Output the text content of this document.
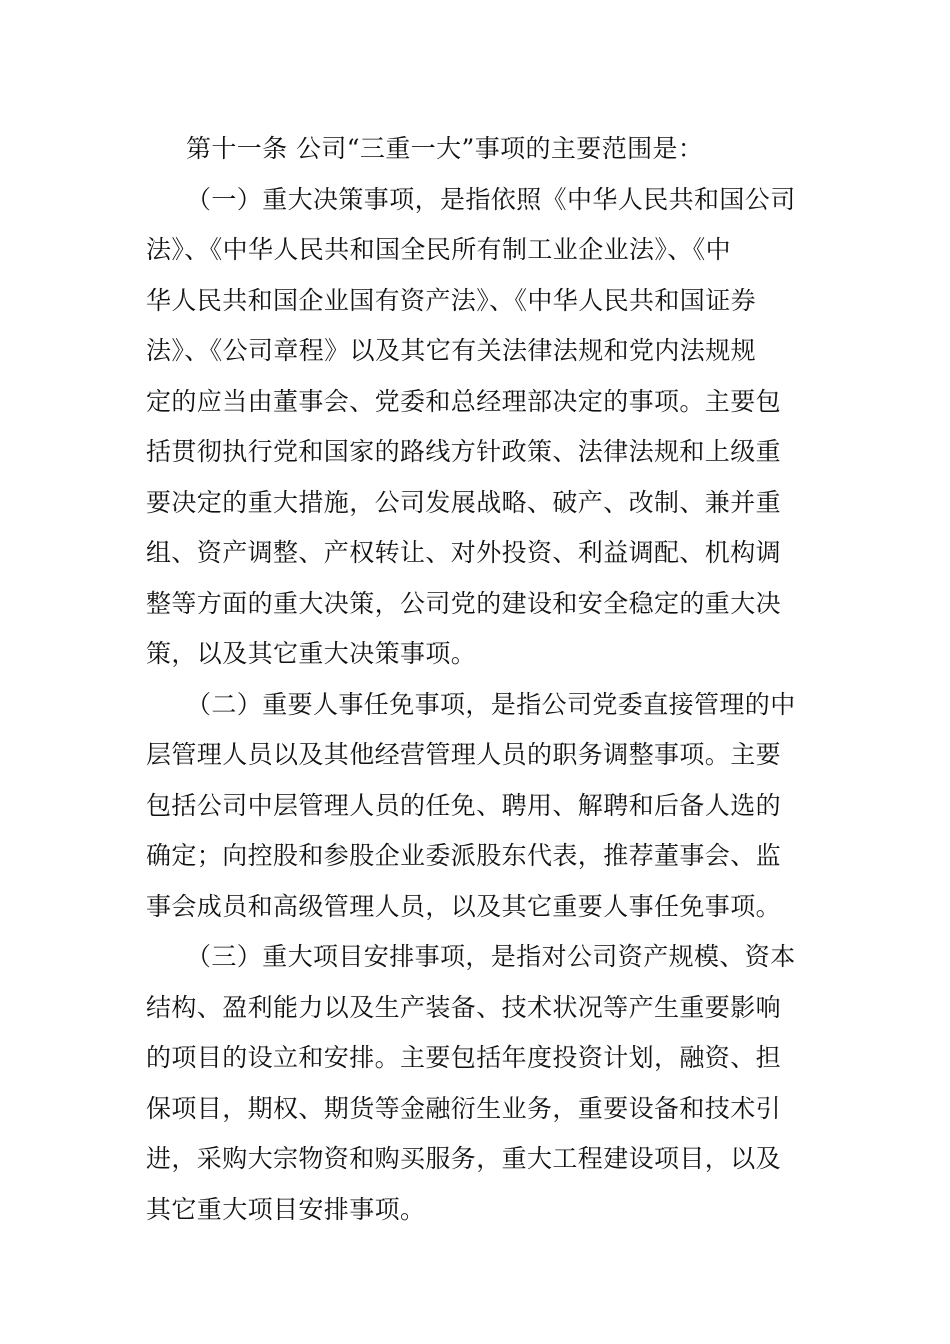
第十一条 公司“三重一大”事项的主要范围是：
（一）重大决策事项，是指依照《中华人民共和国公司
法》、《中华人民共和国全民所有制工业企业法》、《中
华人民共和国企业国有资产法》、《中华人民共和国证券
法》、《公司章程》以及其它有关法律法规和党内法规规
定的应当由董事会、党委和总经理部决定的事项。主要包
括贯彻执行党和国家的路线方针政策、法律法规和上级重
要决定的重大措施，公司发展战略、破产、改制、兼并重
组、资产调整、产权转让、对外投资、利益调配、机构调
整等方面的重大决策，公司党的建设和安全稳定的重大决
策，以及其它重大决策事项。
（二）重要人事任免事项，是指公司党委直接管理的中
层管理人员以及其他经营管理人员的职务调整事项。主要
包括公司中层管理人员的任免、聘用、解聘和后备人选的
确定；向控股和参股企业委派股东代表，推荐董事会、监
事会成员和高级管理人员，以及其它重要人事任免事项。
（三）重大项目安排事项，是指对公司资产规模、资本
结构、盈利能力以及生产装备、技术状况等产生重要影响
的项目的设立和安排。主要包括年度投资计划，融资、担
保项目，期权、期货等金融衍生业务，重要设备和技术引
进，采购大宗物资和购买服务，重大工程建设项目，以及
其它重大项目安排事项。
